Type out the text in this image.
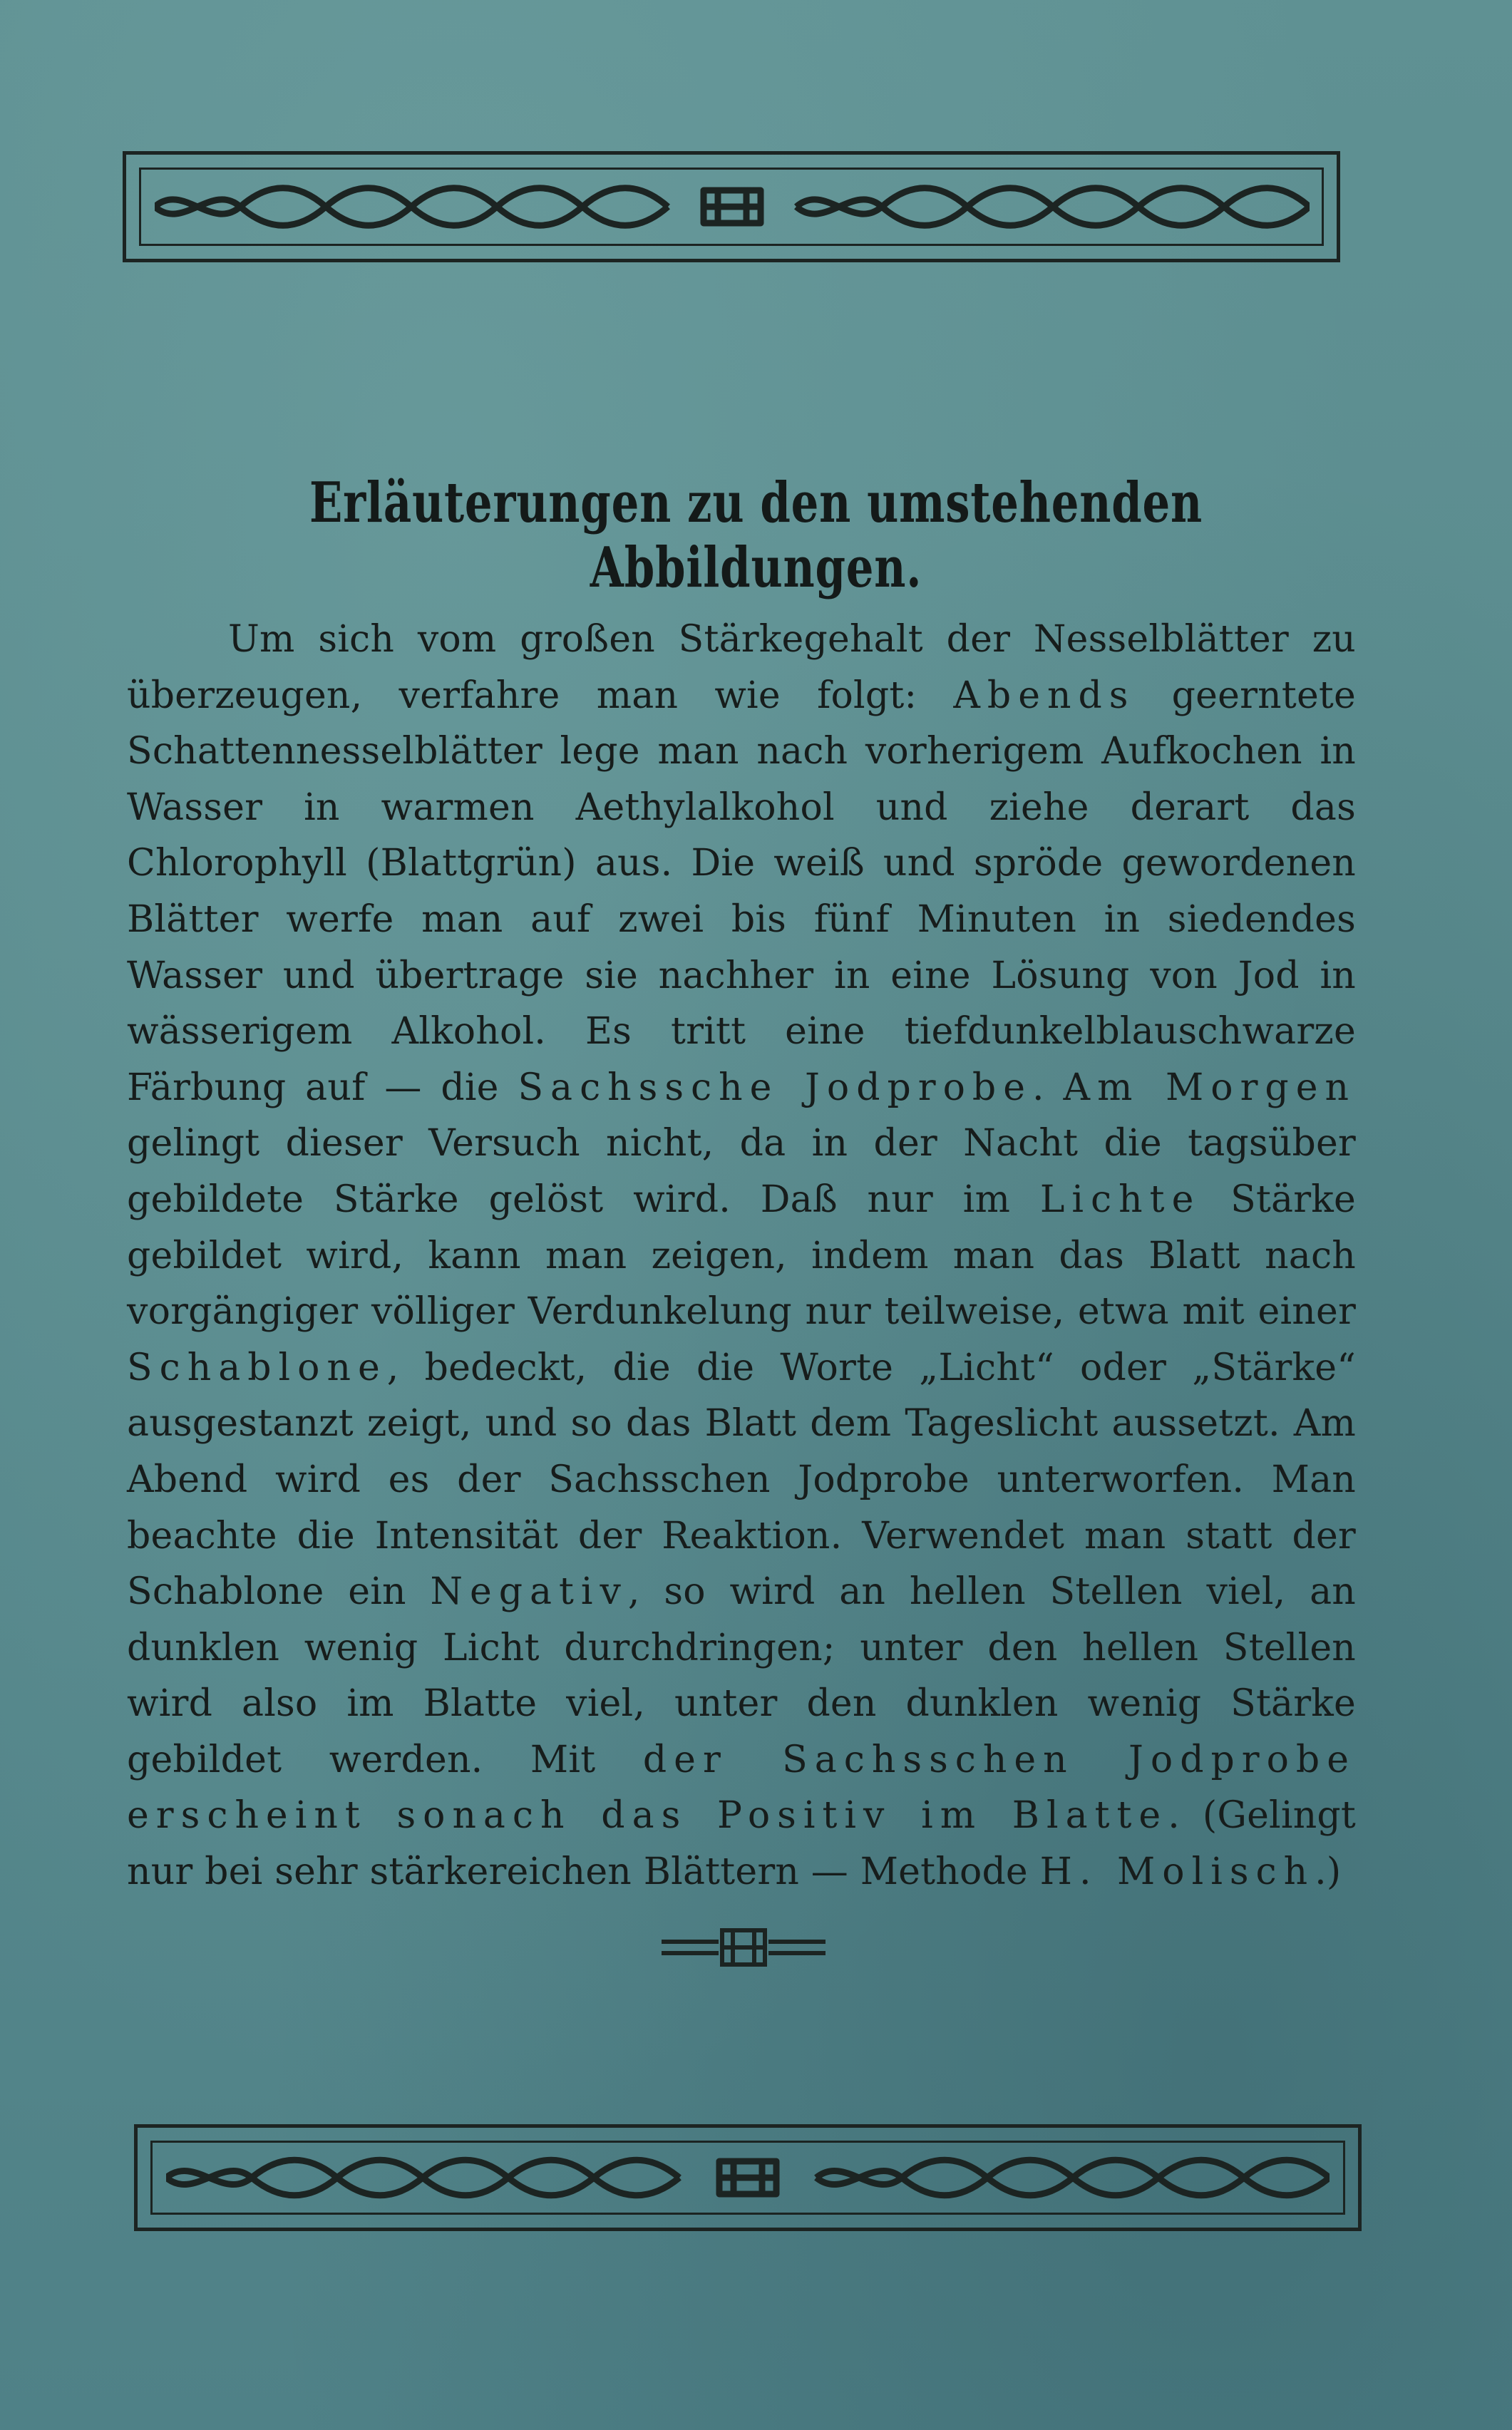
Erläuterungen zu den umstehenden Abbildungen.
Um sich vom großen Stärkegehalt der Nesselblätter zu überzeugen, verfahre man wie folgt: Abends geerntete Schattennesselblätter lege man nach vorherigem Aufkochen in Wasser in warmen Aethylalkohol und ziehe derart das Chlorophyll (Blattgrün) aus. Die weiß und spröde gewordenen Blätter werfe man auf zwei bis fünf Minuten in siedendes Wasser und übertrage sie nachher in eine Lösung von Jod in wässerigem Alkohol. Es tritt eine tiefdunkelblauschwarze Färbung auf — die Sachssche Jodprobe. Am Morgen gelingt dieser Versuch nicht, da in der Nacht die tagsüber gebildete Stärke gelöst wird. Daß nur im Lichte Stärke gebildet wird, kann man zeigen, indem man das Blatt nach vorgängiger völliger Verdunkelung nur teilweise, etwa mit einer Schablone, bedeckt, die die Worte „Licht“ oder „Stärke“ ausgestanzt zeigt, und so das Blatt dem Tageslicht aussetzt. Am Abend wird es der Sachsschen Jodprobe unterworfen. Man beachte die Intensität der Reaktion. Verwendet man statt der Schablone ein Negativ, so wird an hellen Stellen viel, an dunklen wenig Licht durchdringen; unter den hellen Stellen wird also im Blatte viel, unter den dunklen wenig Stärke gebildet werden. Mit der Sachsschen Jodprobe erscheint sonach das Positiv im Blatte. (Gelingt nur bei sehr stärkereichen Blättern — Methode H. Molisch.)
